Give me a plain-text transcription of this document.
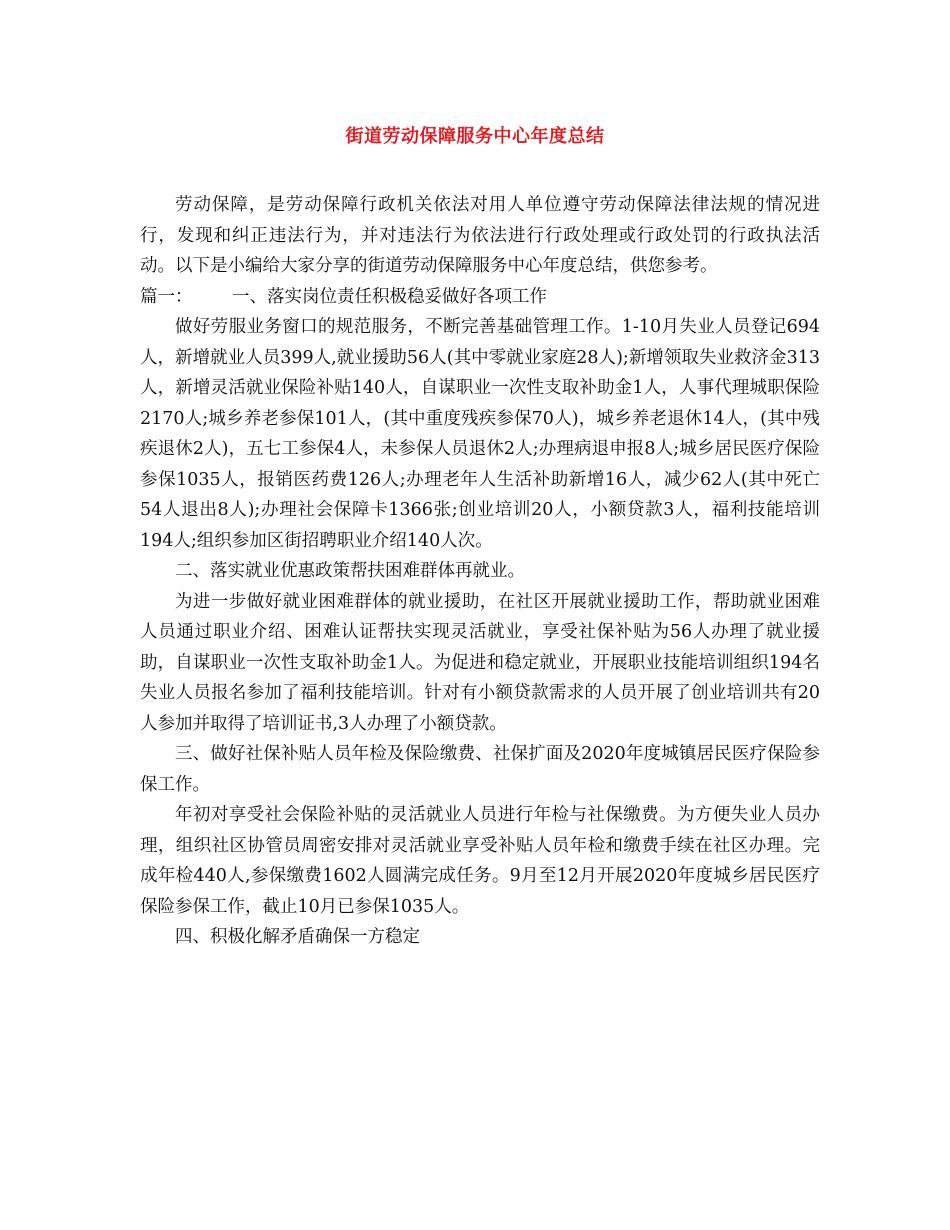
街道劳动保障服务中心年度总结

劳动保障，是劳动保障行政机关依法对用人单位遵守劳动保障法律法规的情况进行，发现和纠正违法行为，并对违法行为依法进行行政处理或行政处罚的行政执法活动。以下是小编给大家分享的街道劳动保障服务中心年度总结，供您参考。

篇一：	一、落实岗位责任积极稳妥做好各项工作

做好劳服业务窗口的规范服务，不断完善基础管理工作。1-10月失业人员登记694人，新增就业人员399人,就业援助56人(其中零就业家庭28人);新增领取失业救济金313人，新增灵活就业保险补贴140人，自谋职业一次性支取补助金1人，人事代理城职保险2170人;城乡养老参保101人，(其中重度残疾参保70人)，城乡养老退休14人，(其中残疾退休2人)，五七工参保4人，未参保人员退休2人;办理病退申报8人;城乡居民医疗保险参保1035人，报销医药费126人;办理老年人生活补助新增16人，减少62人(其中死亡54人退出8人);办理社会保障卡1366张;创业培训20人，小额贷款3人，福利技能培训194人;组织参加区街招聘职业介绍140人次。

二、落实就业优惠政策帮扶困难群体再就业。

为进一步做好就业困难群体的就业援助，在社区开展就业援助工作，帮助就业困难人员通过职业介绍、困难认证帮扶实现灵活就业，享受社保补贴为56人办理了就业援助，自谋职业一次性支取补助金1人。为促进和稳定就业，开展职业技能培训组织194名失业人员报名参加了福利技能培训。针对有小额贷款需求的人员开展了创业培训共有20人参加并取得了培训证书,3人办理了小额贷款。

三、做好社保补贴人员年检及保险缴费、社保扩面及2020年度城镇居民医疗保险参保工作。

年初对享受社会保险补贴的灵活就业人员进行年检与社保缴费。为方便失业人员办理，组织社区协管员周密安排对灵活就业享受补贴人员年检和缴费手续在社区办理。完成年检440人,参保缴费1602人圆满完成任务。9月至12月开展2020年度城乡居民医疗保险参保工作，截止10月已参保1035人。

四、积极化解矛盾确保一方稳定
